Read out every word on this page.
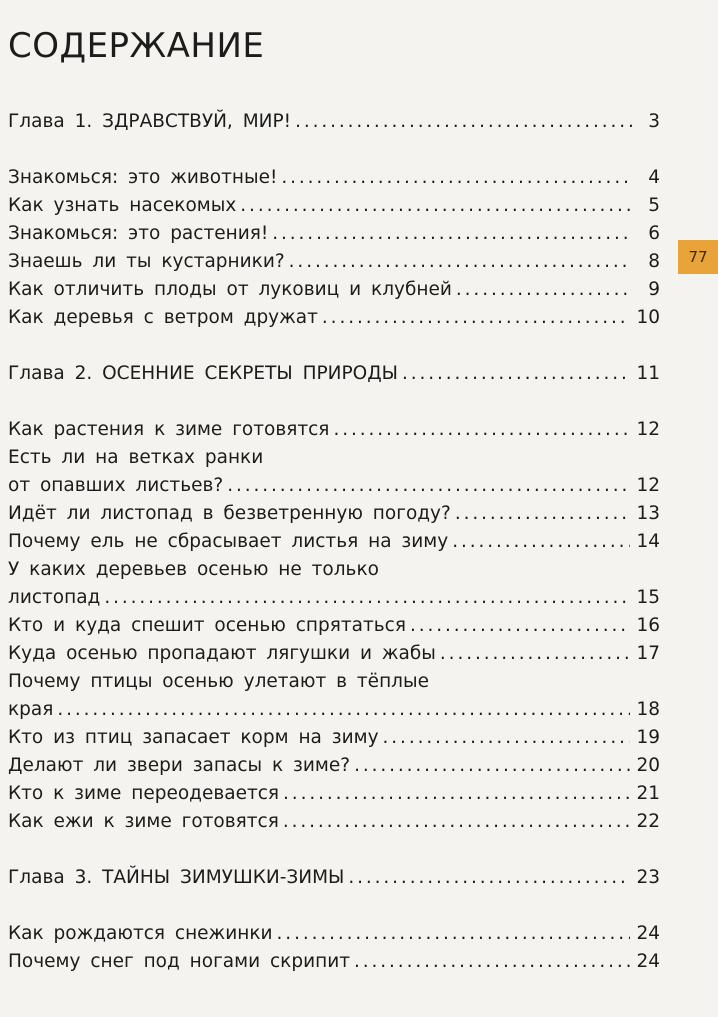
СОДЕРЖАНИЕ
Глава 1. ЗДРАВСТВУЙ, МИР! . . .	3
Знакомься: это животные! . . .	4
Как узнать насекомых . . .	5
Знакомься: это растения! . . .	6
Знаешь ли ты кустарники? . . .	8
Как отличить плоды от луковиц и клубней . . .	9
Как деревья с ветром дружат . . .	10
Глава 2. ОСЕННИЕ СЕКРЕТЫ ПРИРОДЫ . . .	11
Как растения к зиме готовятся . . .	12
Есть ли на ветках ранки
от опавших листьев? . . .	12
Идёт ли листопад в безветренную погоду? . . .	13
Почему ель не сбрасывает листья на зиму . . .	14
У каких деревьев осенью не только
листопад . . .	15
Кто и куда спешит осенью спрятаться . . .	16
Куда осенью пропадают лягушки и жабы . . .	17
Почему птицы осенью улетают в тёплые
края . . .	18
Кто из птиц запасает корм на зиму . . .	19
Делают ли звери запасы к зиме? . . .	20
Кто к зиме переодевается . . .	21
Как ежи к зиме готовятся . . .	22
Глава 3. ТАЙНЫ ЗИМУШКИ-ЗИМЫ . . .	23
Как рождаются снежинки . . .	24
Почему снег под ногами скрипит . . .	24
77
